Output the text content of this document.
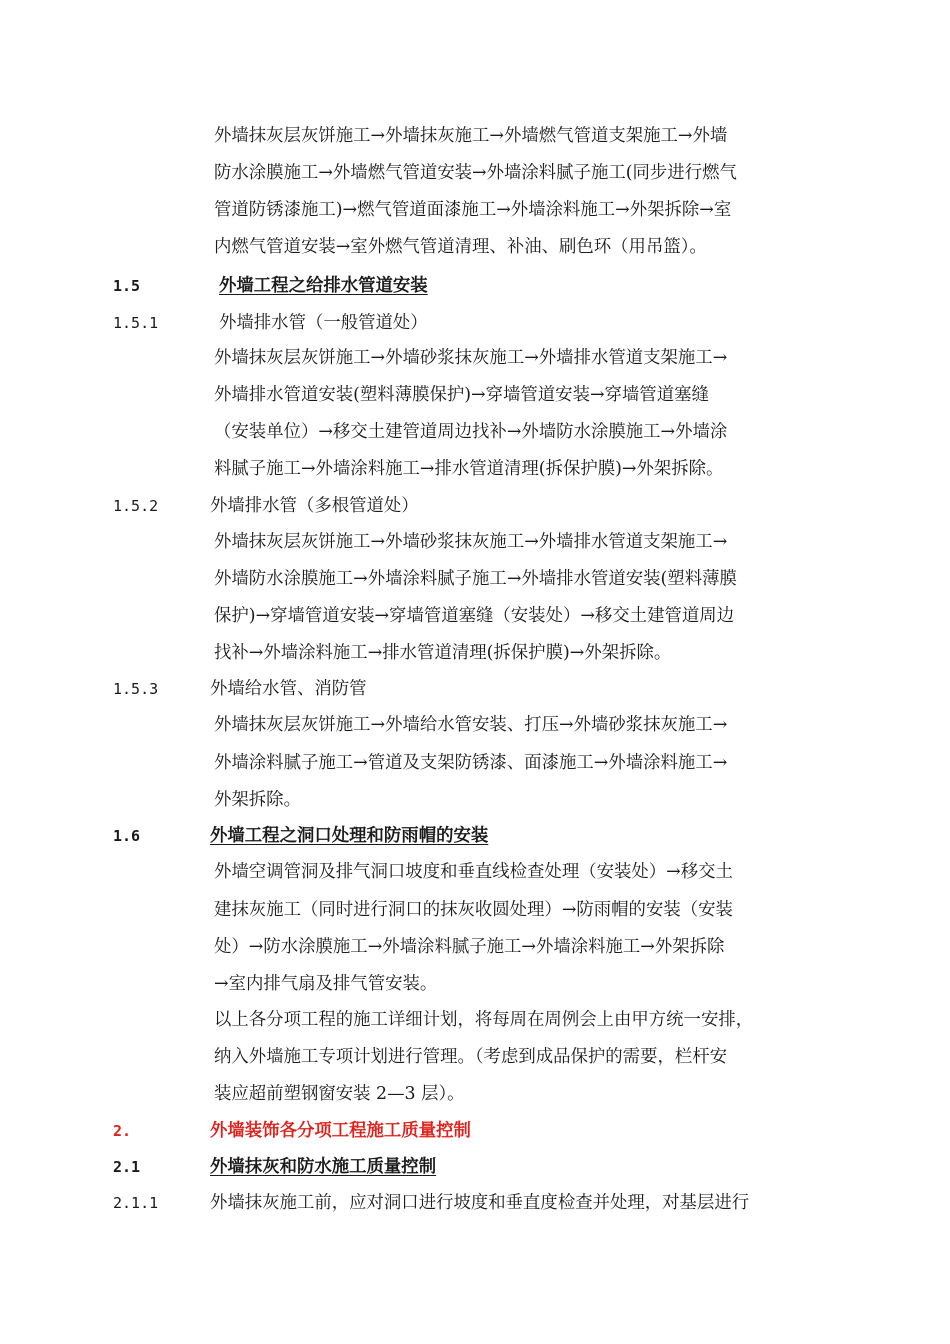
外墙抹灰层灰饼施工→外墙抹灰施工→外墙燃气管道支架施工→外墙
防水涂膜施工→外墙燃气管道安装→外墙涂料腻子施工(同步进行燃气
管道防锈漆施工)→燃气管道面漆施工→外墙涂料施工→外架拆除→室
内燃气管道安装→室外燃气管道清理、补油、刷色环（用吊篮）。
1.5	外墙工程之给排水管道安装
1.5.1	外墙排水管（一般管道处）
外墙抹灰层灰饼施工→外墙砂浆抹灰施工→外墙排水管道支架施工→
外墙排水管道安装(塑料薄膜保护)→穿墙管道安装→穿墙管道塞缝
（安装单位）→移交土建管道周边找补→外墙防水涂膜施工→外墙涂
料腻子施工→外墙涂料施工→排水管道清理(拆保护膜)→外架拆除。
1.5.2	外墙排水管（多根管道处）
外墙抹灰层灰饼施工→外墙砂浆抹灰施工→外墙排水管道支架施工→
外墙防水涂膜施工→外墙涂料腻子施工→外墙排水管道安装(塑料薄膜
保护)→穿墙管道安装→穿墙管道塞缝（安装处）→移交土建管道周边
找补→外墙涂料施工→排水管道清理(拆保护膜)→外架拆除。
1.5.3	外墙给水管、消防管
外墙抹灰层灰饼施工→外墙给水管安装、打压→外墙砂浆抹灰施工→
外墙涂料腻子施工→管道及支架防锈漆、面漆施工→外墙涂料施工→
外架拆除。
1.6	外墙工程之洞口处理和防雨帽的安装
外墙空调管洞及排气洞口坡度和垂直线检查处理（安装处）→移交土
建抹灰施工（同时进行洞口的抹灰收圆处理）→防雨帽的安装（安装
处）→防水涂膜施工→外墙涂料腻子施工→外墙涂料施工→外架拆除
→室内排气扇及排气管安装。
以上各分项工程的施工详细计划，将每周在周例会上由甲方统一安排，
纳入外墙施工专项计划进行管理。（考虑到成品保护的需要，栏杆安
装应超前塑钢窗安装 2—3 层）。
2.	外墙装饰各分项工程施工质量控制
2.1	外墙抹灰和防水施工质量控制
2.1.1	外墙抹灰施工前，应对洞口进行坡度和垂直度检查并处理，对基层进行
